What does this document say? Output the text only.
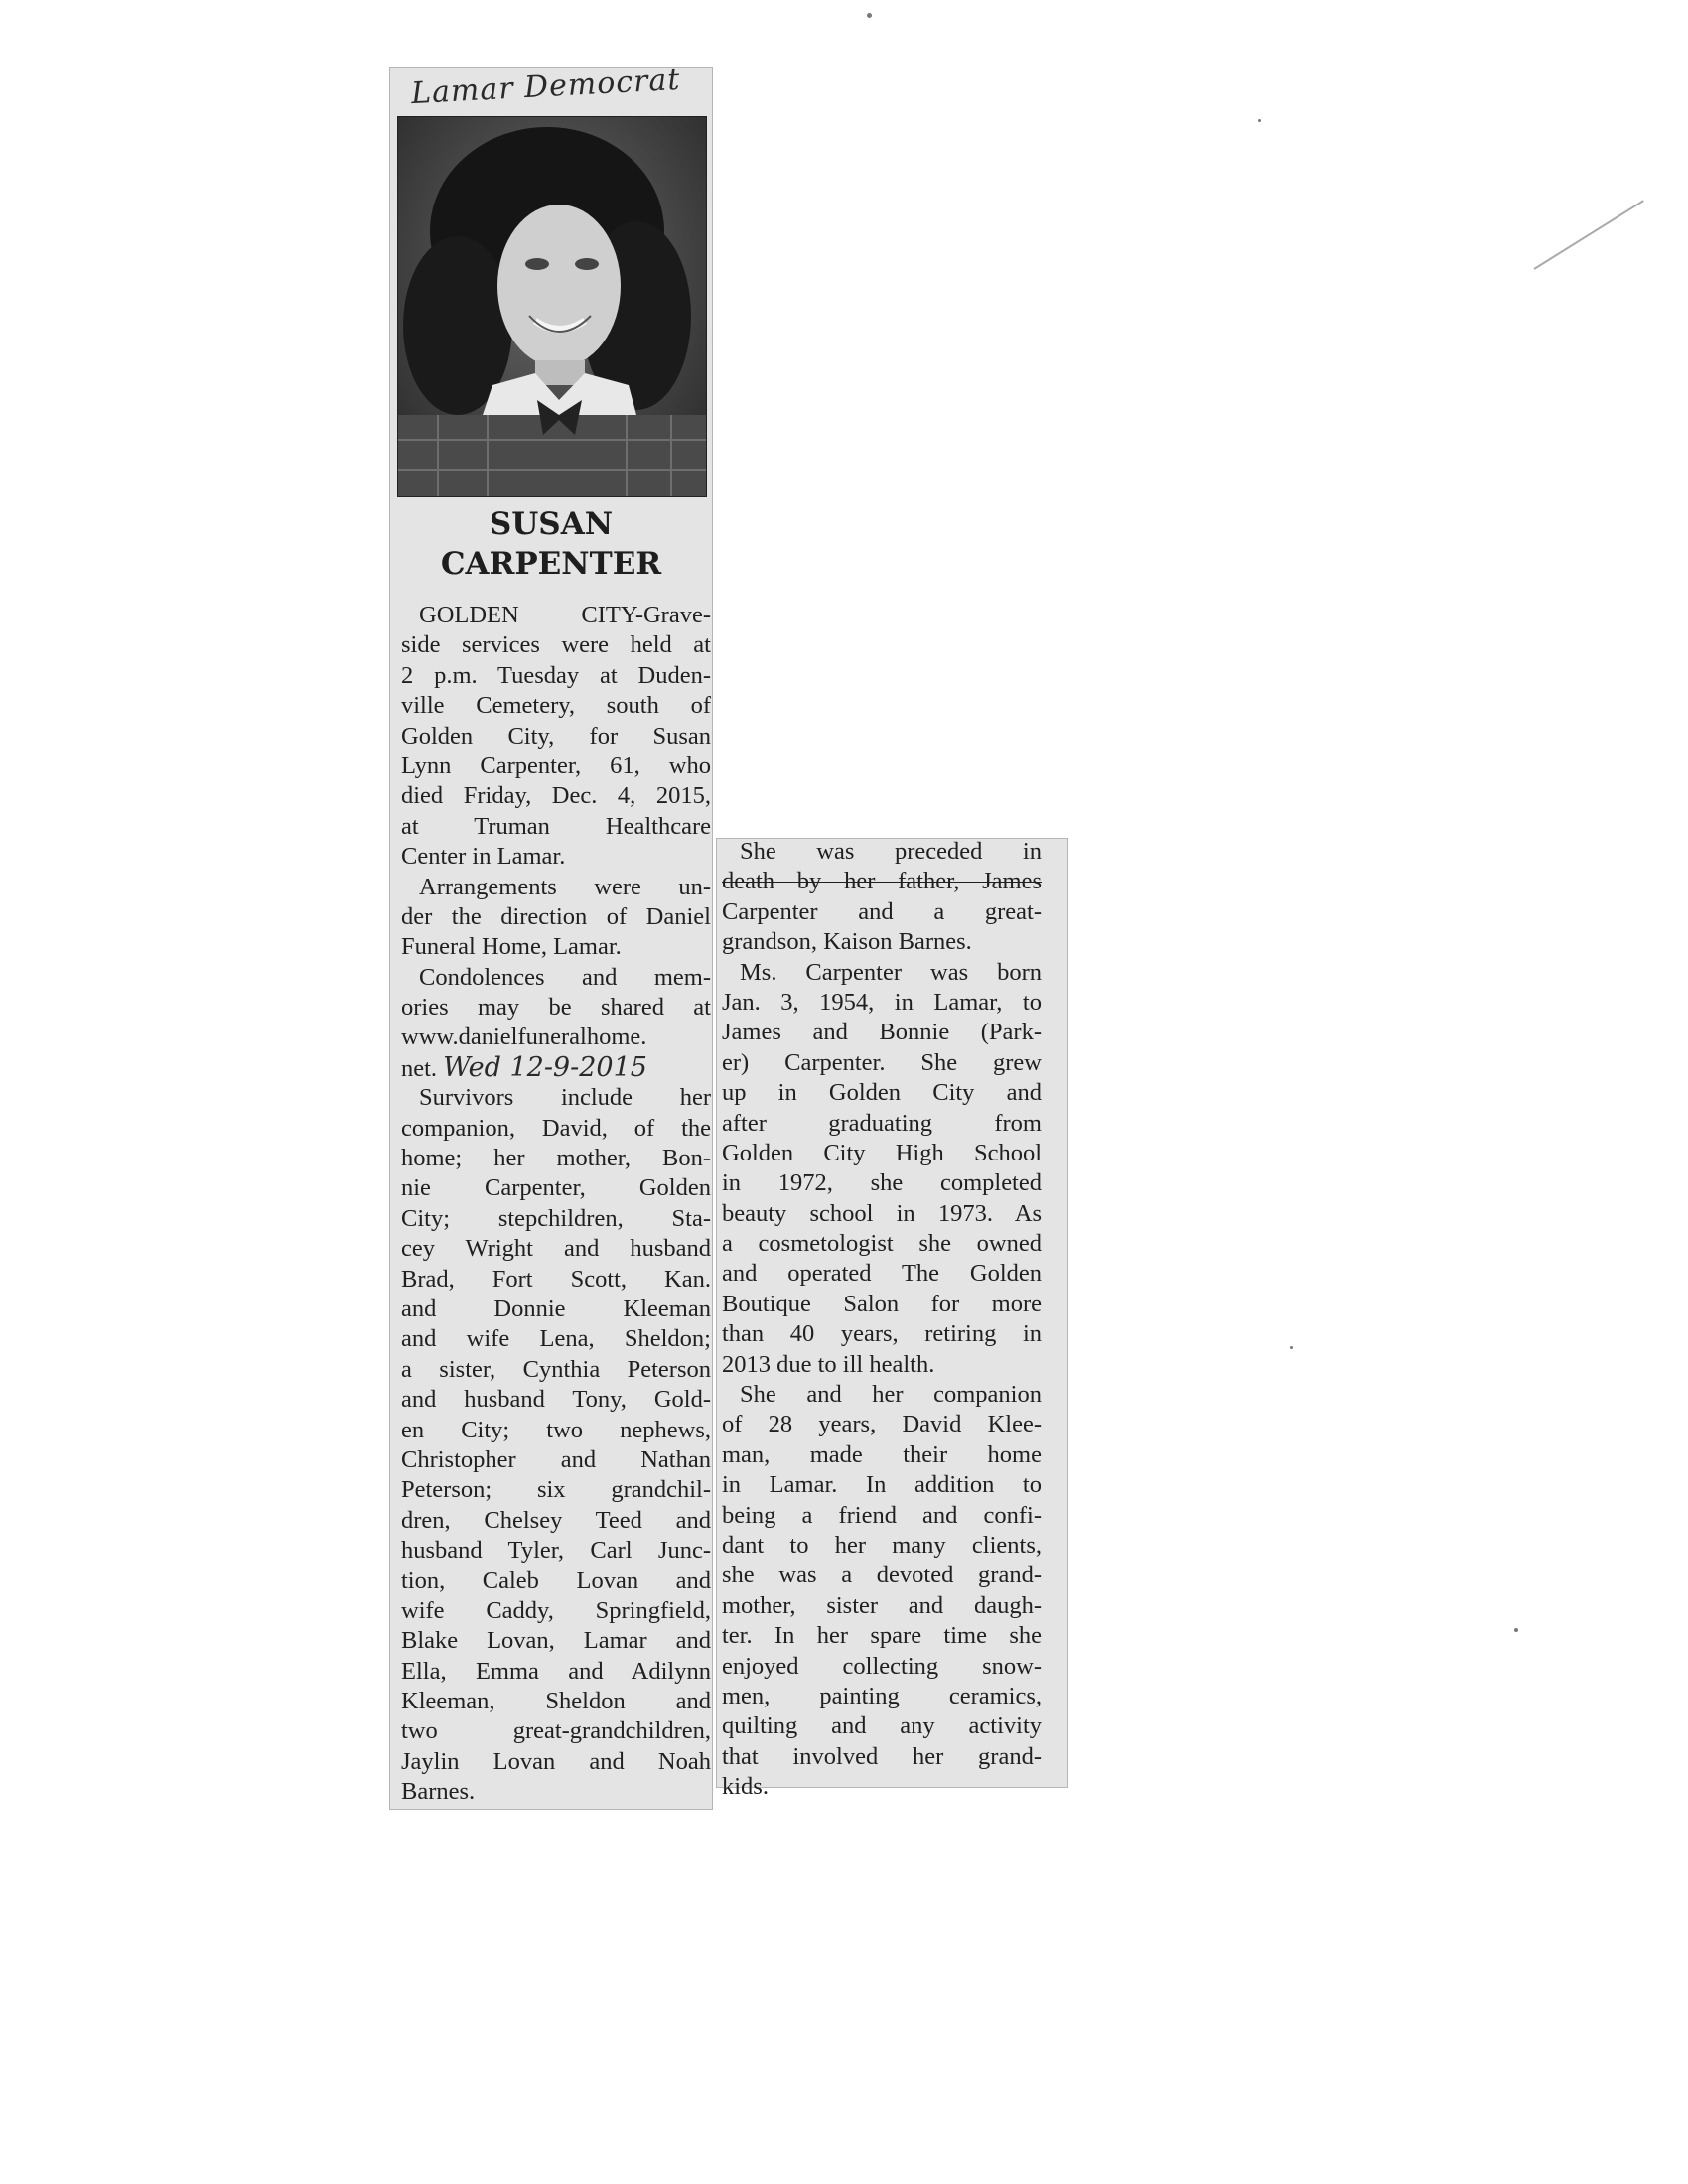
Lamar Democrat
SUSAN
CARPENTER
GOLDEN CITY-Grave-
side services were held at
2 p.m. Tuesday at Duden-
ville Cemetery, south of
Golden City, for Susan
Lynn Carpenter, 61, who
died Friday, Dec. 4, 2015,
at Truman Healthcare
Center in Lamar.
Arrangements were un-
der the direction of Daniel
Funeral Home, Lamar.
Condolences and mem-
ories may be shared at
www.danielfuneralhome.
net. Wed 12-9-2015
Survivors include her
companion, David, of the
home; her mother, Bon-
nie Carpenter, Golden
City; stepchildren, Sta-
cey Wright and husband
Brad, Fort Scott, Kan.
and Donnie Kleeman
and wife Lena, Sheldon;
a sister, Cynthia Peterson
and husband Tony, Gold-
en City; two nephews,
Christopher and Nathan
Peterson; six grandchil-
dren, Chelsey Teed and
husband Tyler, Carl Junc-
tion, Caleb Lovan and
wife Caddy, Springfield,
Blake Lovan, Lamar and
Ella, Emma and Adilynn
Kleeman, Sheldon and
two great-grandchildren,
Jaylin Lovan and Noah
Barnes.
She was preceded in
death by her father, James
Carpenter and a great-
grandson, Kaison Barnes.
Ms. Carpenter was born
Jan. 3, 1954, in Lamar, to
James and Bonnie (Park-
er) Carpenter. She grew
up in Golden City and
after graduating from
Golden City High School
in 1972, she completed
beauty school in 1973. As
a cosmetologist she owned
and operated The Golden
Boutique Salon for more
than 40 years, retiring in
2013 due to ill health.
She and her companion
of 28 years, David Klee-
man, made their home
in Lamar. In addition to
being a friend and confi-
dant to her many clients,
she was a devoted grand-
mother, sister and daugh-
ter. In her spare time she
enjoyed collecting snow-
men, painting ceramics,
quilting and any activity
that involved her grand-
kids.
